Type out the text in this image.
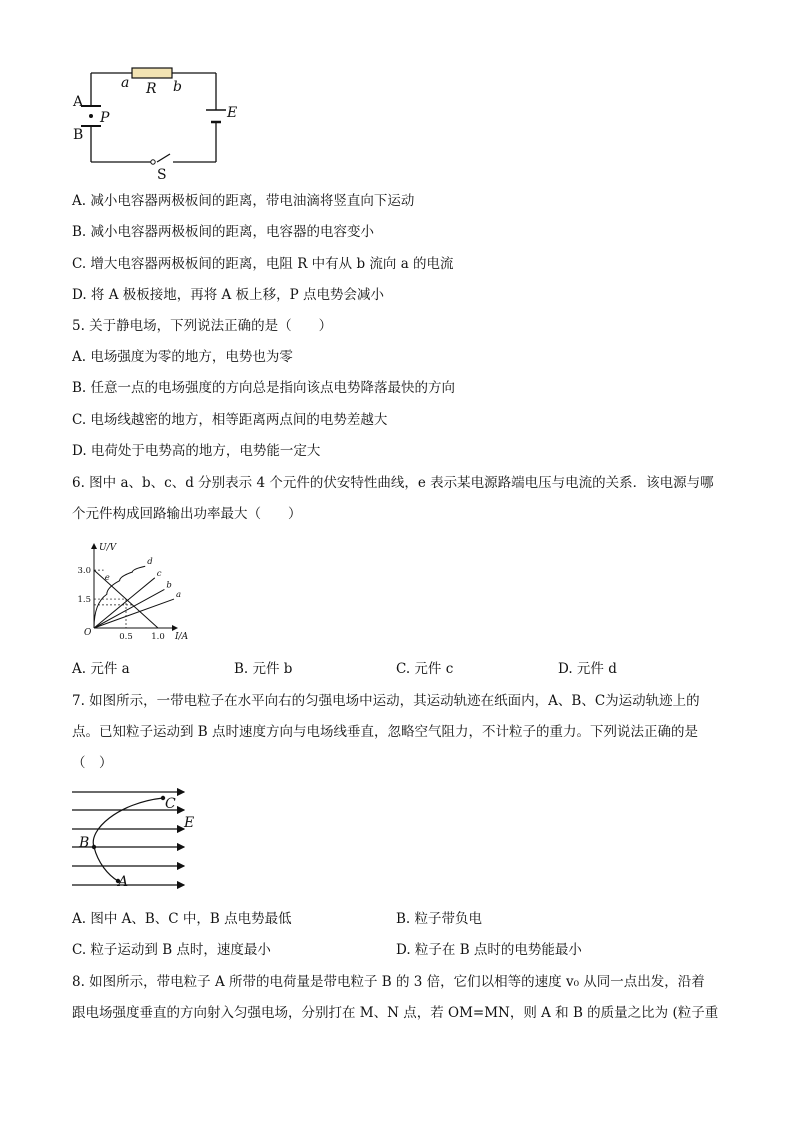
a R b
A
B
P	E
S
A. 减小电容器两极板间的距离，带电油滴将竖直向下运动
B. 减小电容器两极板间的距离，电容器的电容变小
C. 增大电容器两极板间的距离，电阻 R 中有从 b 流向 a 的电流
D. 将 A 极板接地，再将 A 板上移，P 点电势会减小
5. 关于静电场，下列说法正确的是（　　）
A. 电场强度为零的地方，电势也为零
B. 任意一点的电场强度的方向总是指向该点电势降落最快的方向
C. 电场线越密的地方，相等距离两点间的电势差越大
D. 电荷处于电势高的地方，电势能一定大
6. 图中 a、b、c、d 分别表示 4 个元件的伏安特性曲线，e 表示某电源路端电压与电流的关系．该电源与哪
个元件构成回路输出功率最大（　　）
e
a
b
c
d
U/V
I/A
O	0.5 1.0
1.5
3.0
A. 元件 a	B. 元件 b	C. 元件 c	D. 元件 d
7. 如图所示，一带电粒子在水平向右的匀强电场中运动，其运动轨迹在纸面内，A、B、C为运动轨迹上的
点。已知粒子运动到 B 点时速度方向与电场线垂直，忽略空气阻力，不计粒子的重力。下列说法正确的是
（　）
C
B
A
E
A. 图中 A、B、C 中，B 点电势最低	B. 粒子带负电
C. 粒子运动到 B 点时，速度最小	D. 粒子在 B 点时的电势能最小
8. 如图所示，带电粒子 A 所带的电荷量是带电粒子 B 的 3 倍，它们以相等的速度 v₀ 从同一点出发，沿着
跟电场强度垂直的方向射入匀强电场，分别打在 M、N 点，若 OM=MN，则 A 和 B 的质量之比为 (粒子重
